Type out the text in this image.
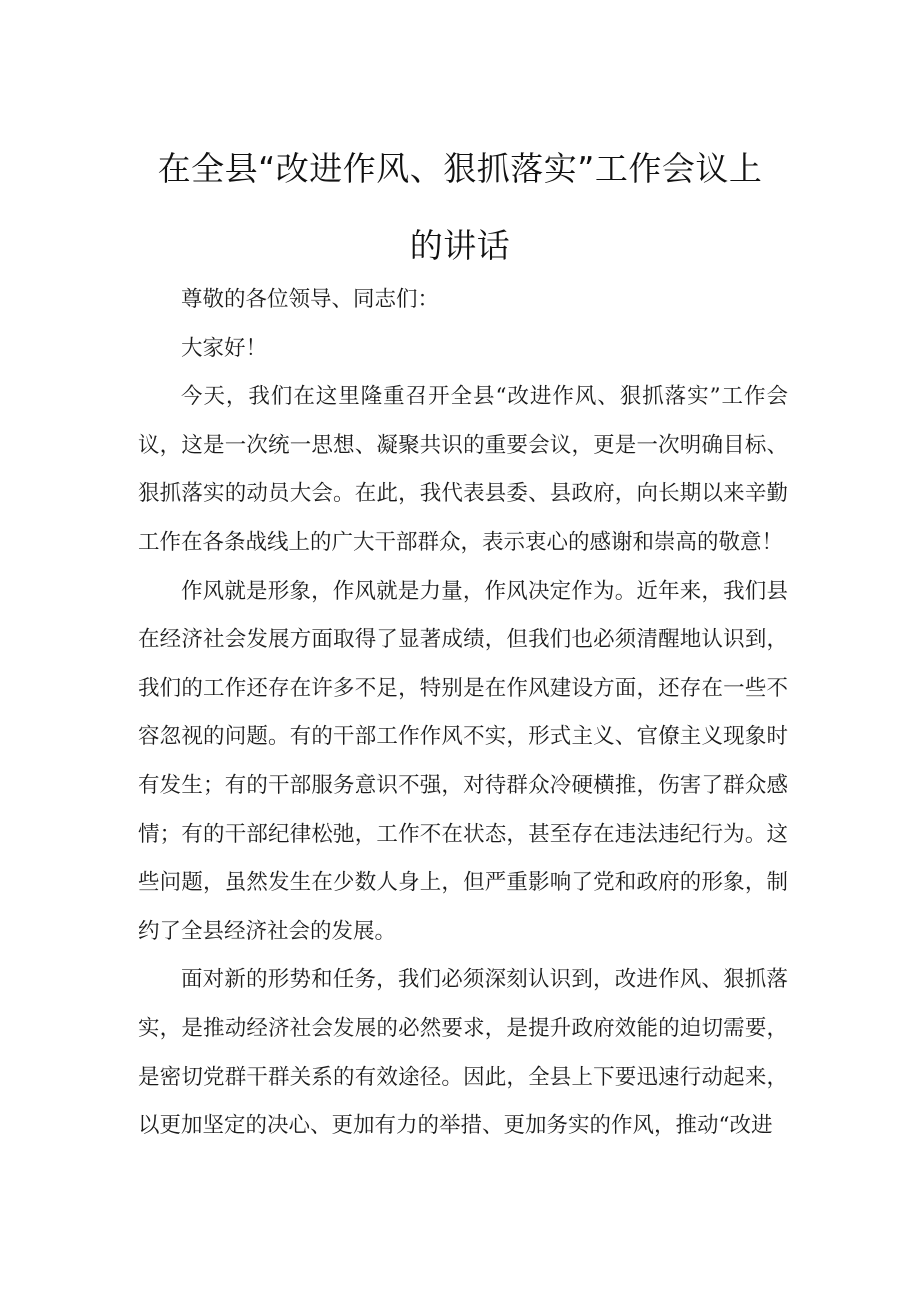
在全县“改进作风、狠抓落实”工作会议上
的讲话

尊敬的各位领导、同志们：

大家好！

今天，我们在这里隆重召开全县“改进作风、狠抓落实”工作会议，这是一次统一思想、凝聚共识的重要会议，更是一次明确目标、狠抓落实的动员大会。在此，我代表县委、县政府，向长期以来辛勤工作在各条战线上的广大干部群众，表示衷心的感谢和崇高的敬意！

作风就是形象，作风就是力量，作风决定作为。近年来，我们县在经济社会发展方面取得了显著成绩，但我们也必须清醒地认识到，我们的工作还存在许多不足，特别是在作风建设方面，还存在一些不容忽视的问题。有的干部工作作风不实，形式主义、官僚主义现象时有发生；有的干部服务意识不强，对待群众冷硬横推，伤害了群众感情；有的干部纪律松弛，工作不在状态，甚至存在违法违纪行为。这些问题，虽然发生在少数人身上，但严重影响了党和政府的形象，制约了全县经济社会的发展。

面对新的形势和任务，我们必须深刻认识到，改进作风、狠抓落实，是推动经济社会发展的必然要求，是提升政府效能的迫切需要，是密切党群干群关系的有效途径。因此，全县上下要迅速行动起来，以更加坚定的决心、更加有力的举措、更加务实的作风，推动“改进
